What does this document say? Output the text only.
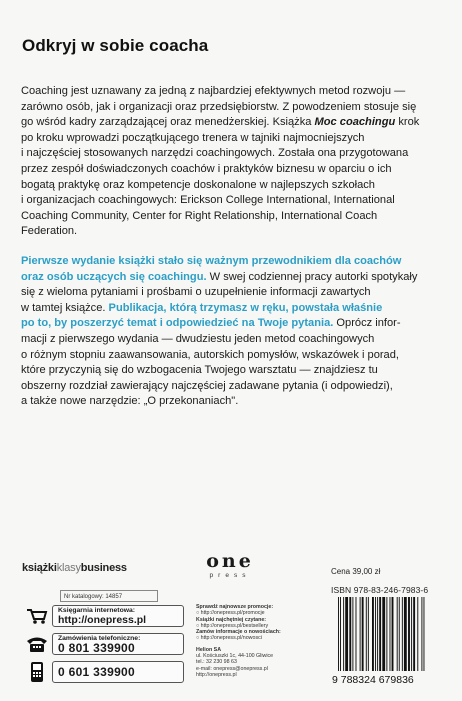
Odkryj w sobie coacha
Coaching jest uznawany za jedną z najbardziej efektywnych metod rozwoju —
zarówno osób, jak i organizacji oraz przedsiębiorstw. Z powodzeniem stosuje się
go wśród kadry zarządzającej oraz menedżerskiej. Książka Moc coachingu krok
po kroku wprowadzi początkującego trenera w tajniki najmocniejszych
i najczęściej stosowanych narzędzi coachingowych. Została ona przygotowana
przez zespół doświadczonych coachów i praktyków biznesu w oparciu o ich
bogatą praktykę oraz kompetencje doskonalone w najlepszych szkołach
i organizacjach coachingowych: Erickson College International, International
Coaching Community, Center for Right Relationship, International Coach
Federation.
Pierwsze wydanie książki stało się ważnym przewodnikiem dla coachów
oraz osób uczących się coachingu. W swej codziennej pracy autorki spotykały
się z wieloma pytaniami i prośbami o uzupełnienie informacji zawartych
w tamtej książce. Publikacja, którą trzymasz w ręku, powstała właśnie
po to, by poszerzyć temat i odpowiedzieć na Twoje pytania. Oprócz infor-
macji z pierwszego wydania — dwudziestu jeden metod coachingowych
o różnym stopniu zaawansowania, autorskich pomysłów, wskazówek i porad,
które przyczynią się do wzbogacenia Twojego warsztatu — znajdziesz tu
obszerny rozdział zawierający najczęściej zadawane pytania (i odpowiedzi),
a także nowe narzędzie: „O przekonaniach".
książkiklasybusiness
Nr katalogowy: 14857
Księgarnia internetowa:
http://onepress.pl
Zamówienia telefoniczne:
0 801 339900
0 601 339900
one
press
Sprawdź najnowsze promocje:
○ http://onepress.pl/promocje
Książki najchętniej czytane:
○ http://onepress.pl/bestsellery
Zamów informacje o nowościach:
○ http://onepress.pl/nowosci
Helion SA
ul. Kościuszki 1c, 44-100 Gliwice
tel.: 32 230 98 63
e-mail: onepress@onepress.pl
http://onepress.pl
Cena 39,00 zł
ISBN 978-83-246-7983-6
9 788324 679836
